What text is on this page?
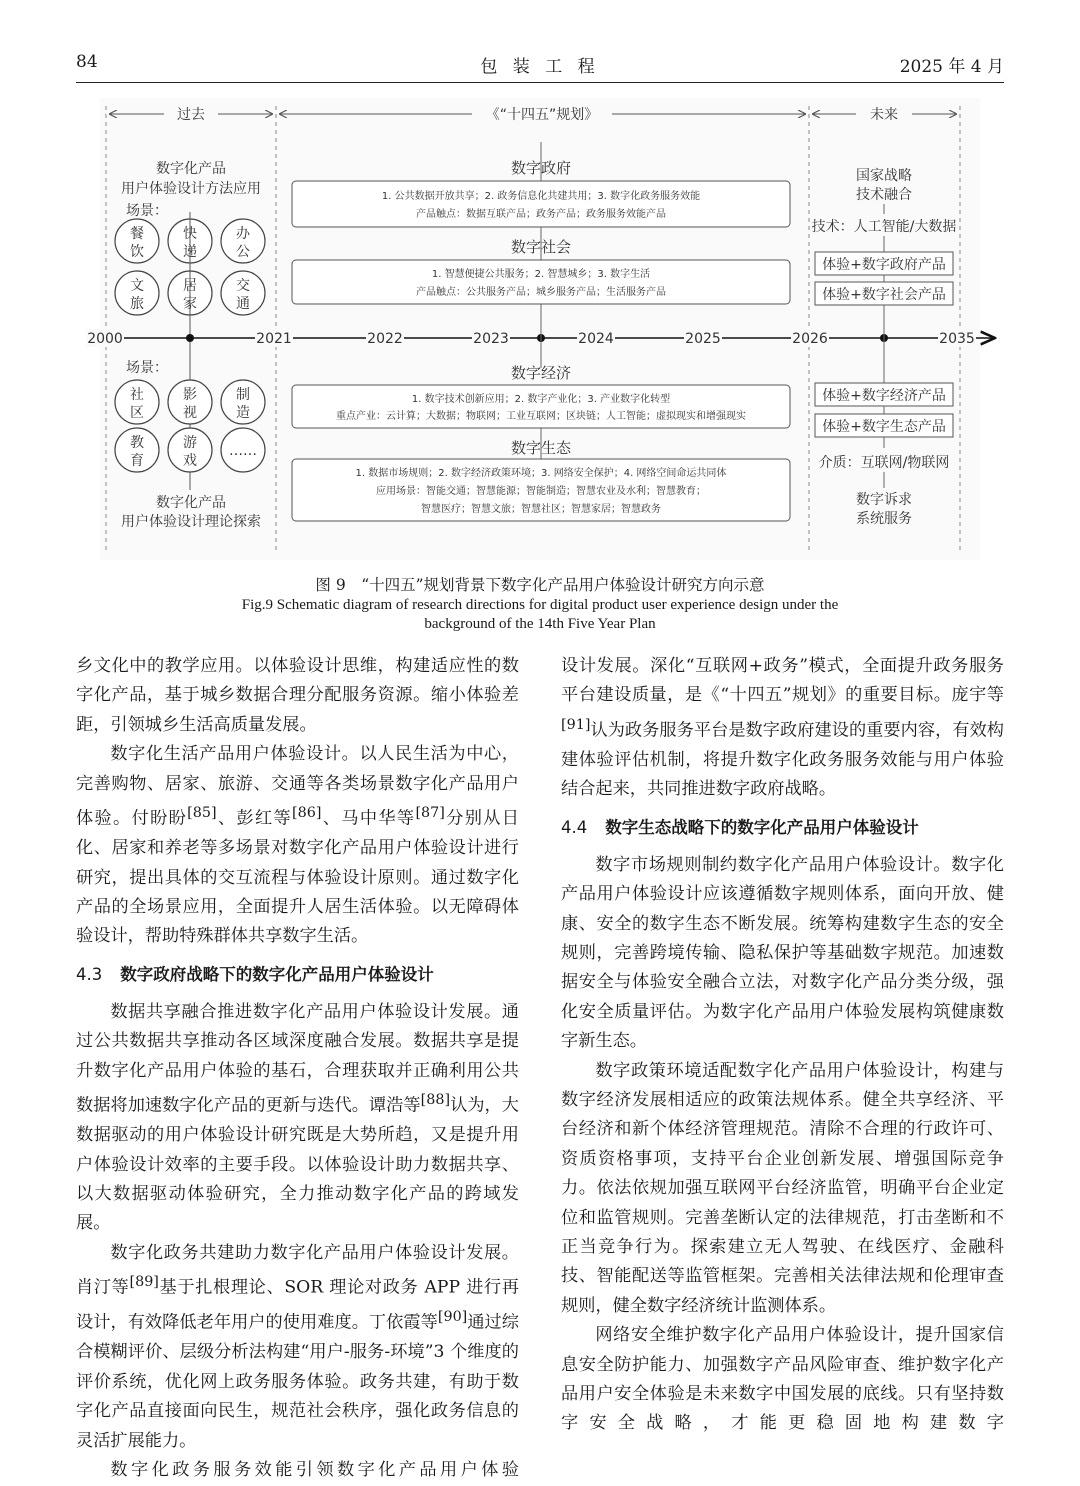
84	包 装 工 程	2025 年 4 月
过去	《“十四五”规划》	未来
数字化产品
用户体验设计方法应用
场景：
餐
饮
快
递
办
公
文
旅
居
家
交
通
场景：
社
区
影
视
制
造
教
育
游
戏
……
数字化产品
用户体验设计理论探索
2000	2021	2022	2023	2024	2025	2026	2035
数字政府
1. 公共数据开放共享；2. 政务信息化共建共用；3. 数字化政务服务效能
产品触点：数据互联产品；政务产品；政务服务效能产品
数字社会
1. 智慧便捷公共服务；2. 智慧城乡；3. 数字生活
产品触点：公共服务产品；城乡服务产品；生活服务产品
数字经济
1. 数字技术创新应用；2. 数字产业化；3. 产业数字化转型
重点产业：云计算；大数据；物联网；工业互联网；区块链；人工智能；虚拟现实和增强现实
数字生态
1. 数据市场规则；2. 数字经济政策环境；3. 网络安全保护；4. 网络空间命运共同体
应用场景：智能交通；智慧能源；智能制造；智慧农业及水利；智慧教育；
智慧医疗；智慧文旅；智慧社区；智慧家居；智慧政务
国家战略
技术融合
技术：人工智能/大数据
体验+数字政府产品
体验+数字社会产品
体验+数字经济产品
体验+数字生态产品
介质：互联网/物联网
数字诉求
系统服务
图 9　“十四五”规划背景下数字化产品用户体验设计研究方向示意
Fig.9 Schematic diagram of research directions for digital product user experience design under the
background of the 14th Five Year Plan

乡文化中的教学应用。以体验设计思维，构建适应性的数字化产品，基于城乡数据合理分配服务资源。缩小体验差距，引领城乡生活高质量发展。

数字化生活产品用户体验设计。以人民生活为中心，完善购物、居家、旅游、交通等各类场景数字化产品用户体验。付盼盼[85]、彭红等[86]、马中华等[87]分别从日化、居家和养老等多场景对数字化产品用户体验设计进行研究，提出具体的交互流程与体验设计原则。通过数字化产品的全场景应用，全面提升人居生活体验。以无障碍体验设计，帮助特殊群体共享数字生活。

4.3 数字政府战略下的数字化产品用户体验设计

数据共享融合推进数字化产品用户体验设计发展。通过公共数据共享推动各区域深度融合发展。数据共享是提升数字化产品用户体验的基石，合理获取并正确利用公共数据将加速数字化产品的更新与迭代。谭浩等[88]认为，大数据驱动的用户体验设计研究既是大势所趋，又是提升用户体验设计效率的主要手段。以体验设计助力数据共享、以大数据驱动体验研究，全力推动数字化产品的跨域发展。

数字化政务共建助力数字化产品用户体验设计发展。肖汀等[89]基于扎根理论、SOR 理论对政务 APP 进行再设计，有效降低老年用户的使用难度。丁依霞等[90]通过综合模糊评价、层级分析法构建“用户-服务-环境”3 个维度的评价系统，优化网上政务服务体验。政务共建，有助于数字化产品直接面向民生，规范社会秩序，强化政务信息的灵活扩展能力。

数字化政务服务效能引领数字化产品用户体验

设计发展。深化“互联网+政务”模式，全面提升政务服务平台建设质量，是《“十四五”规划》的重要目标。庞宇等[91]认为政务服务平台是数字政府建设的重要内容，有效构建体验评估机制，将提升数字化政务服务效能与用户体验结合起来，共同推进数字政府战略。

4.4 数字生态战略下的数字化产品用户体验设计

数字市场规则制约数字化产品用户体验设计。数字化产品用户体验设计应该遵循数字规则体系，面向开放、健康、安全的数字生态不断发展。统筹构建数字生态的安全规则，完善跨境传输、隐私保护等基础数字规范。加速数据安全与体验安全融合立法，对数字化产品分类分级，强化安全质量评估。为数字化产品用户体验发展构筑健康数字新生态。

数字政策环境适配数字化产品用户体验设计，构建与数字经济发展相适应的政策法规体系。健全共享经济、平台经济和新个体经济管理规范。清除不合理的行政许可、资质资格事项，支持平台企业创新发展、增强国际竞争力。依法依规加强互联网平台经济监管，明确平台企业定位和监管规则。完善垄断认定的法律规范，打击垄断和不正当竞争行为。探索建立无人驾驶、在线医疗、金融科技、智能配送等监管框架。完善相关法律法规和伦理审查规则，健全数字经济统计监测体系。

网络安全维护数字化产品用户体验设计，提升国家信息安全防护能力、加强数字产品风险审查、维护数字化产品用户安全体验是未来数字中国发展的底线。只有坚持数字安全战略，才能更稳固地构建数字
